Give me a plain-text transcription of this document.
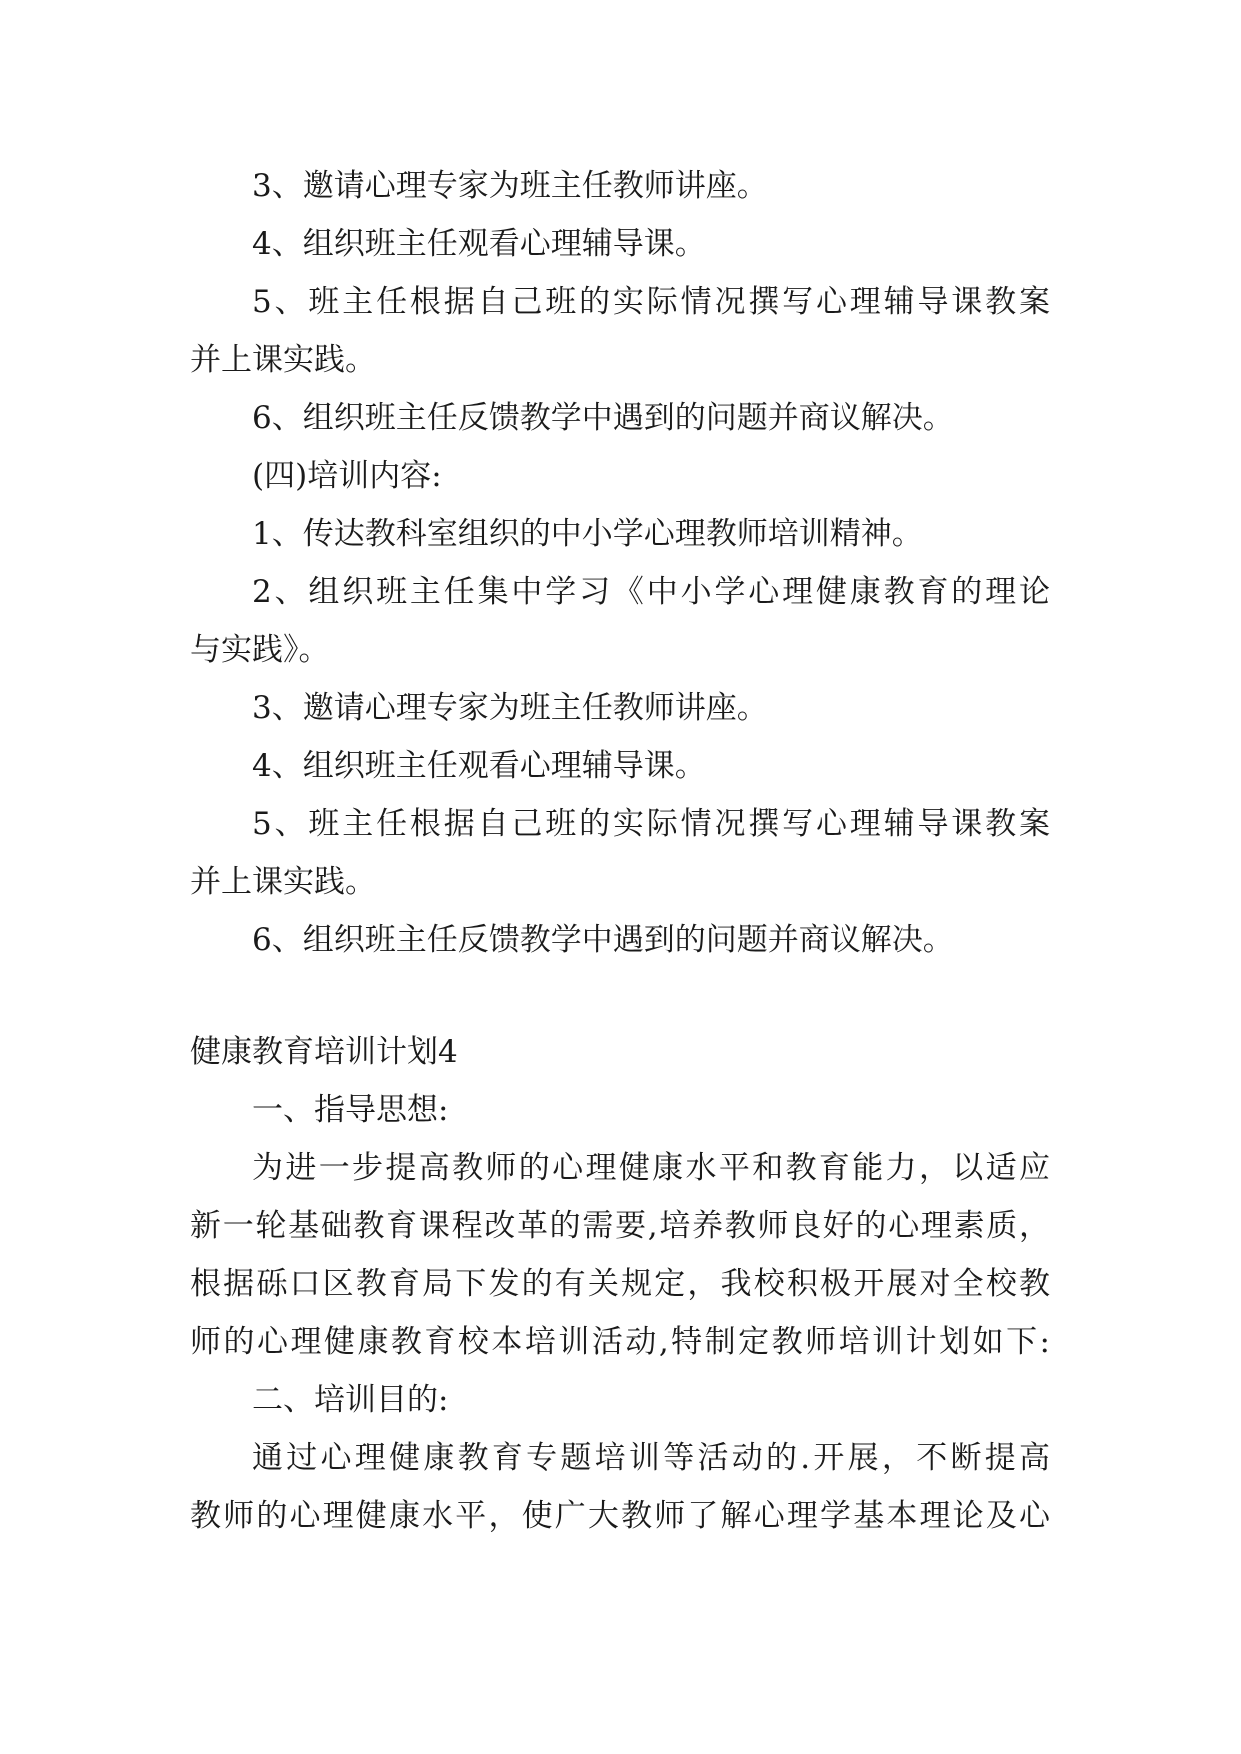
3、邀请心理专家为班主任教师讲座。
4、组织班主任观看心理辅导课。
5、班主任根据自己班的实际情况撰写心理辅导课教案
并上课实践。
6、组织班主任反馈教学中遇到的问题并商议解决。
(四)培训内容:
1、传达教科室组织的中小学心理教师培训精神。
2、组织班主任集中学习《中小学心理健康教育的理论
与实践》。
3、邀请心理专家为班主任教师讲座。
4、组织班主任观看心理辅导课。
5、班主任根据自己班的实际情况撰写心理辅导课教案
并上课实践。
6、组织班主任反馈教学中遇到的问题并商议解决。
健康教育培训计划4
一、指导思想:
为进一步提高教师的心理健康水平和教育能力，以适应
新一轮基础教育课程改革的需要,培养教师良好的心理素质，
根据砾口区教育局下发的有关规定，我校积极开展对全校教
师的心理健康教育校本培训活动,特制定教师培训计划如下:
二、培训目的:
通过心理健康教育专题培训等活动的.开展，不断提高
教师的心理健康水平，使广大教师了解心理学基本理论及心
